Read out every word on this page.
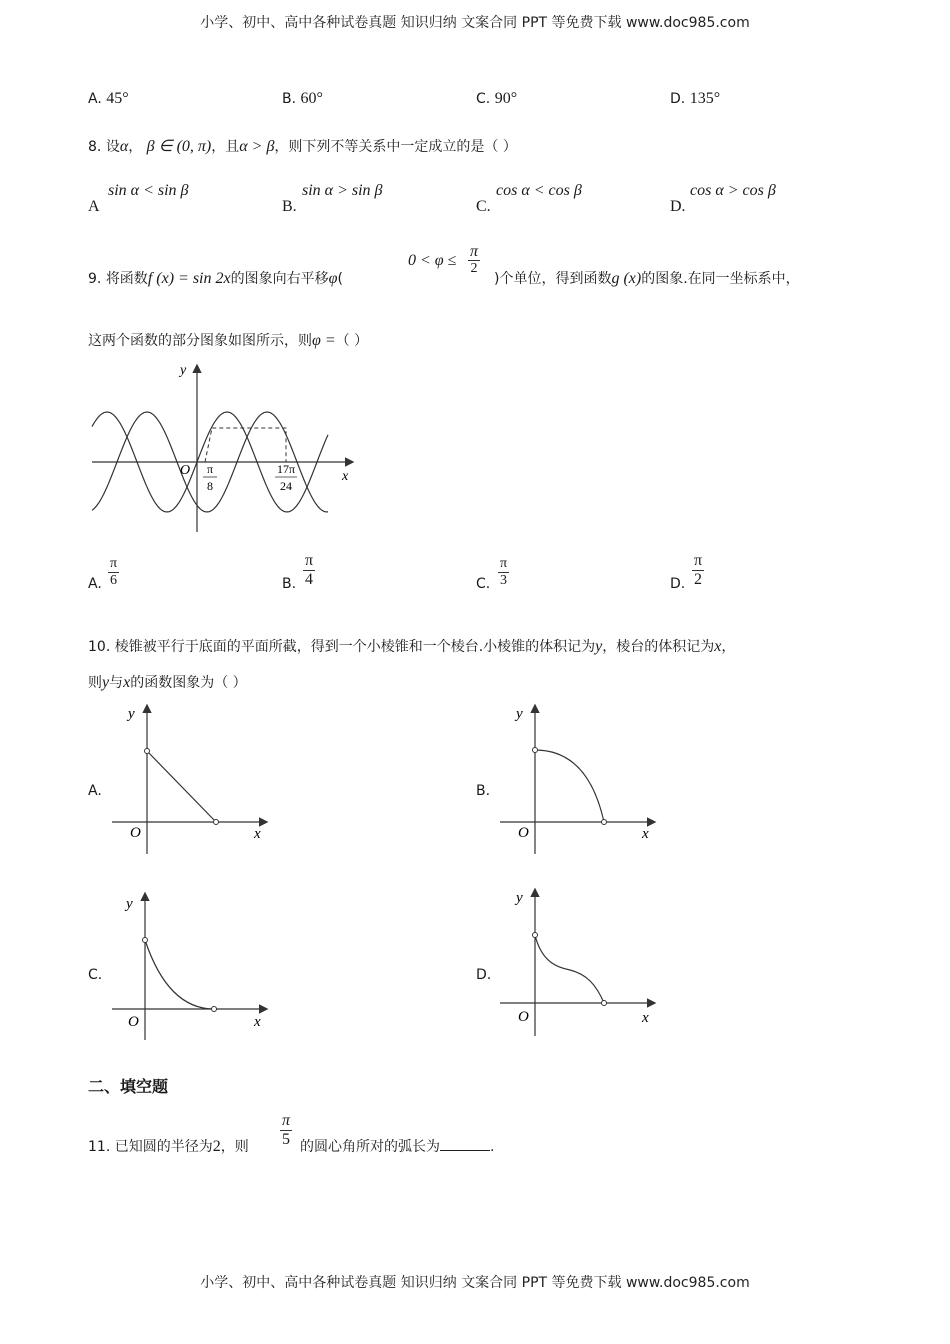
小学、初中、高中各种试卷真题 知识归纳 文案合同 PPT 等免费下载 www.doc985.com
A. 45°	B. 60°	C. 90°	D. 135°
8. 设α， β ∈ (0, π)，且α > β，则下列不等关系中一定成立的是（ ）
A
sin α < sin β
B.
sin α > sin β
C.
cos α < cos β
D.
cos α > cos β
9. 将函数f (x) = sin 2x的图象向右平移φ(
$0 < \varphi \le \frac{\pi}{2}$
)个单位，得到函数g (x)的图象.在同一坐标系中，
这两个函数的部分图象如图所示，则φ =（ ）
y
x
O π
8
17π
24
A. $\frac{\pi}{6}$	B. $\frac{\pi}{4}$	C. $\frac{\pi}{3}$	D. $\frac{\pi}{2}$
10. 棱锥被平行于底面的平面所截，得到一个小棱锥和一个棱台.小棱锥的体积记为y，棱台的体积记为x，
则y与x的函数图象为（ ）
A.	B.
C.	D.
y
x
O
y
x
O
y
x
O
y
x
O
二、填空题
11. 已知圆的半径为2，则 $\frac{\pi}{5}$ 的圆心角所对的弧长为	.
小学、初中、高中各种试卷真题 知识归纳 文案合同 PPT 等免费下载 www.doc985.com
